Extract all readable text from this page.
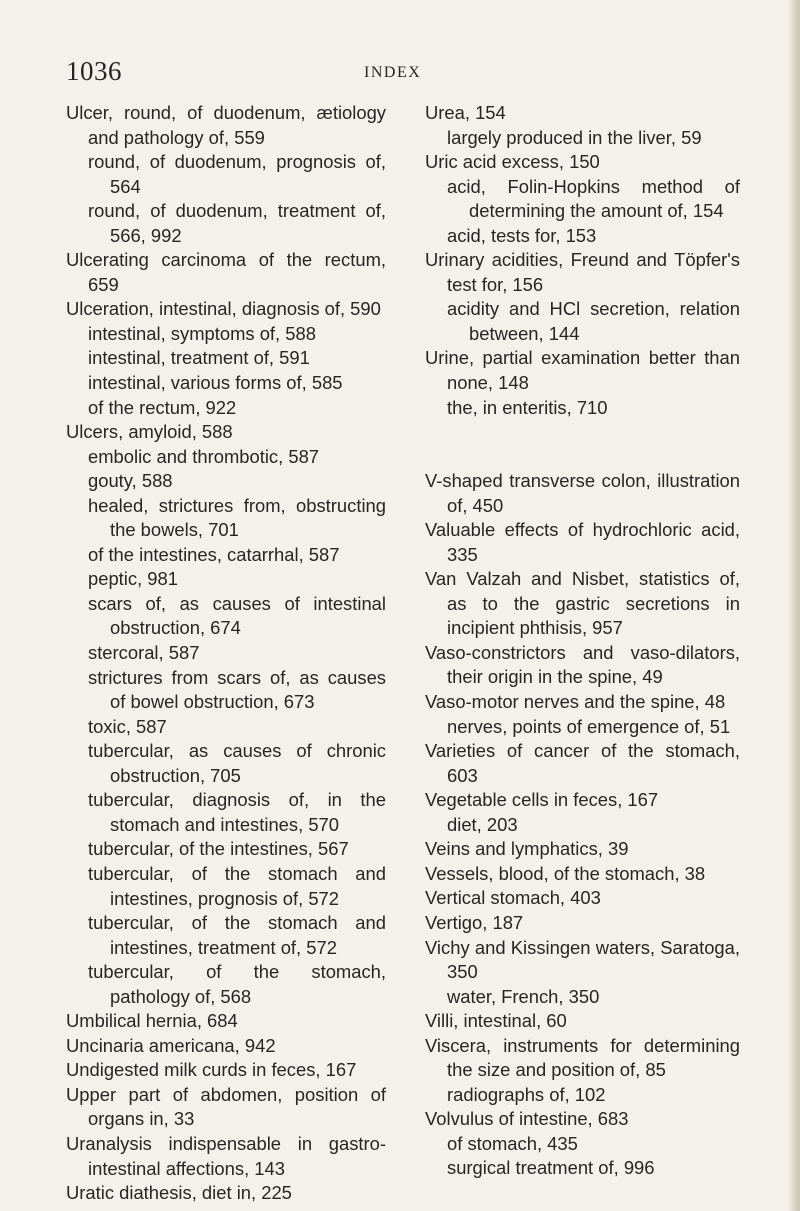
1036	INDEX
Ulcer, round, of duodenum, ætiology and pathology of, 559
round, of duodenum, prognosis of, 564
round, of duodenum, treatment of, 566, 992
Ulcerating carcinoma of the rectum, 659
Ulceration, intestinal, diagnosis of, 590
intestinal, symptoms of, 588
intestinal, treatment of, 591
intestinal, various forms of, 585
of the rectum, 922
Ulcers, amyloid, 588
embolic and thrombotic, 587
gouty, 588
healed, strictures from, obstructing the bowels, 701
of the intestines, catarrhal, 587
peptic, 981
scars of, as causes of intestinal obstruction, 674
stercoral, 587
strictures from scars of, as causes of bowel obstruction, 673
toxic, 587
tubercular, as causes of chronic obstruction, 705
tubercular, diagnosis of, in the stomach and intestines, 570
tubercular, of the intestines, 567
tubercular, of the stomach and intestines, prognosis of, 572
tubercular, of the stomach and intestines, treatment of, 572
tubercular, of the stomach, pathology of, 568
Umbilical hernia, 684
Uncinaria americana, 942
Undigested milk curds in feces, 167
Upper part of abdomen, position of organs in, 33
Uranalysis indispensable in gastro-intestinal affections, 143
Uratic diathesis, diet in, 225
Urea, 154
largely produced in the liver, 59
Uric acid excess, 150
acid, Folin-Hopkins method of determining the amount of, 154
acid, tests for, 153
Urinary acidities, Freund and Töpfer's test for, 156
acidity and HCl secretion, relation between, 144
Urine, partial examination better than none, 148
the, in enteritis, 710
V-shaped transverse colon, illustration of, 450
Valuable effects of hydrochloric acid, 335
Van Valzah and Nisbet, statistics of, as to the gastric secretions in incipient phthisis, 957
Vaso-constrictors and vaso-dilators, their origin in the spine, 49
Vaso-motor nerves and the spine, 48
nerves, points of emergence of, 51
Varieties of cancer of the stomach, 603
Vegetable cells in feces, 167
diet, 203
Veins and lymphatics, 39
Vessels, blood, of the stomach, 38
Vertical stomach, 403
Vertigo, 187
Vichy and Kissingen waters, Saratoga, 350
water, French, 350
Villi, intestinal, 60
Viscera, instruments for determining the size and position of, 85
radiographs of, 102
Volvulus of intestine, 683
of stomach, 435
surgical treatment of, 996
